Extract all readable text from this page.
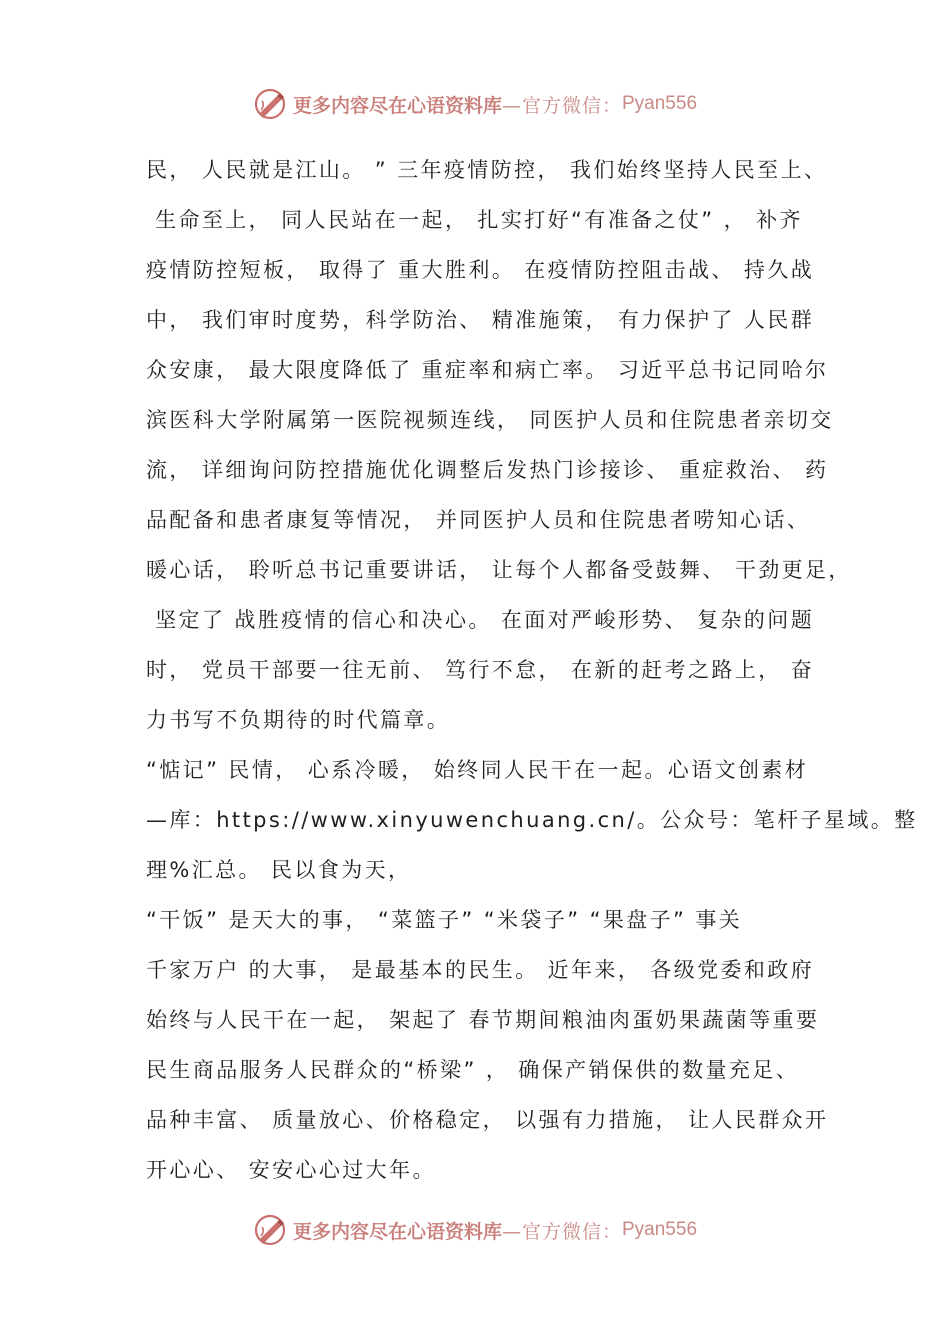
更多内容尽在心语资料库 —官方微信： Pyan556
民， 人民就是江山。 ” 三年疫情防控， 我们始终坚持人民至上、
生命至上， 同人民站在一起， 扎实打好“有准备之仗” ， 补齐
疫情防控短板， 取得了 重大胜利。 在疫情防控阻击战、 持久战
中， 我们审时度势，科学防治、 精准施策， 有力保护了 人民群
众安康， 最大限度降低了 重症率和病亡率。 习近平总书记同哈尔
滨医科大学附属第一医院视频连线， 同医护人员和住院患者亲切交
流， 详细询问防控措施优化调整后发热门诊接诊、 重症救治、 药
品配备和患者康复等情况， 并同医护人员和住院患者唠知心话、
暖心话， 聆听总书记重要讲话， 让每个人都备受鼓舞、 干劲更足，
坚定了 战胜疫情的信心和决心。 在面对严峻形势、 复杂的问题
时， 党员干部要一往无前、 笃行不怠， 在新的赶考之路上， 奋
力书写不负期待的时代篇章。
“惦记” 民情， 心系冷暖， 始终同人民干在一起。心语文创素材
—库：https://www.xinyuwenchuang.cn/。公众号：笔杆子星域。整
理%汇总。 民以食为天，
“干饭” 是天大的事， “菜篮子” “米袋子” “果盘子” 事关
千家万户 的大事， 是最基本的民生。 近年来， 各级党委和政府
始终与人民干在一起， 架起了 春节期间粮油肉蛋奶果蔬菌等重要
民生商品服务人民群众的“桥梁” ， 确保产销保供的数量充足、
品种丰富、 质量放心、价格稳定， 以强有力措施， 让人民群众开
开心心、 安安心心过大年。
更多内容尽在心语资料库 —官方微信： Pyan556
